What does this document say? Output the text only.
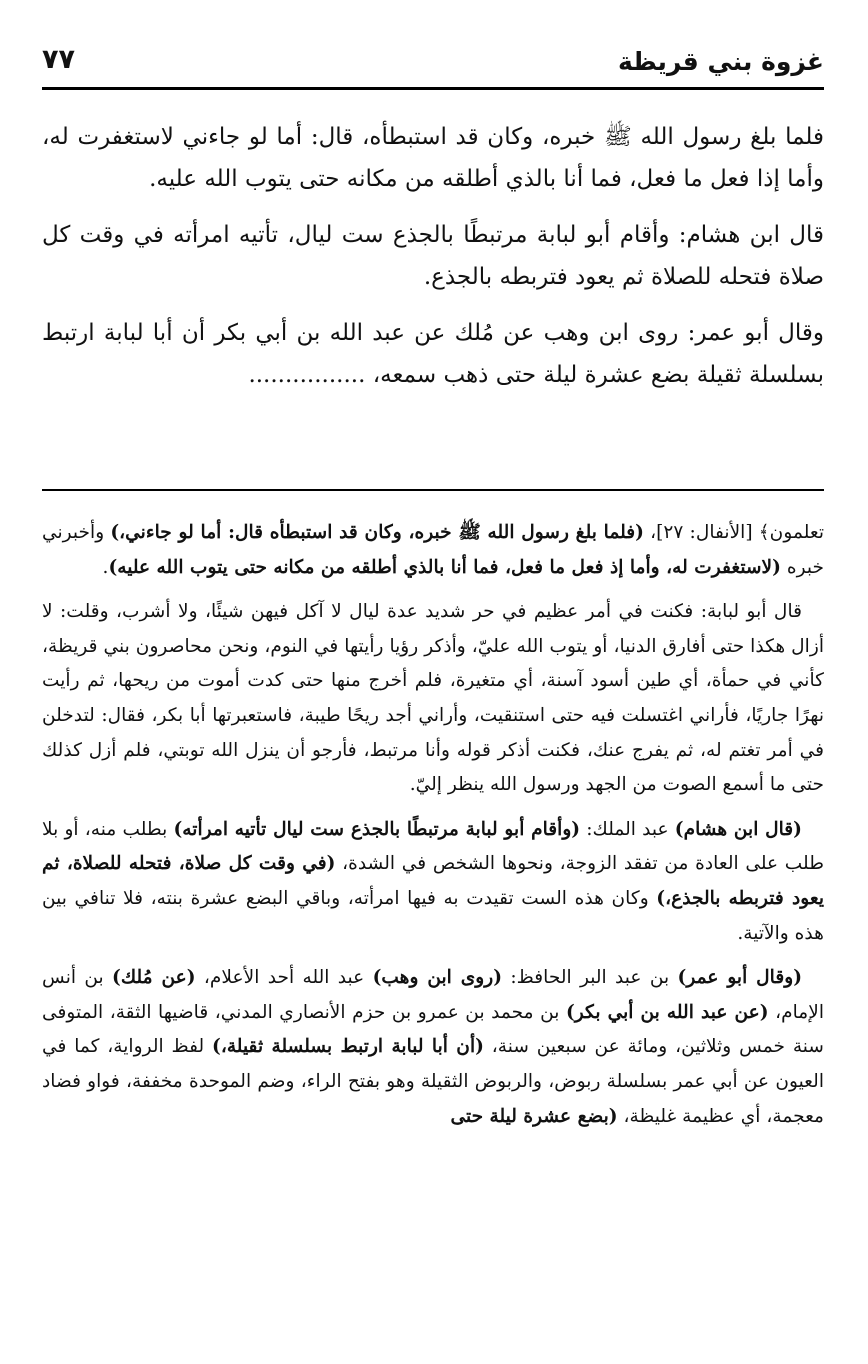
غزوة بني قريظة
٧٧

فلما بلغ رسول الله ﷺ خبره، وكان قد استبطأه، قال: أما لو جاءني لاستغفرت له، وأما إذا فعل ما فعل، فما أنا بالذي أطلقه من مكانه حتى يتوب الله عليه.

قال ابن هشام: وأقام أبو لبابة مرتبطًا بالجذع ست ليال، تأتيه امرأته في وقت كل صلاة فتحله للصلاة ثم يعود فتربطه بالجذع.

وقال أبو عمر: روى ابن وهب عن مُلك عن عبد الله بن أبي بكر أن أبا لبابة ارتبط بسلسلة ثقيلة بضع عشرة ليلة حتى ذهب سمعه، ................

تعلمون﴾ [الأنفال: ٢٧]، (فلما بلغ رسول الله ﷺ خبره، وكان قد استبطأه قال: أما لو جاءني،) وأخبرني خبره (لاستغفرت له، وأما إذ فعل ما فعل، فما أنا بالذي أطلقه من مكانه حتى يتوب الله عليه).

قال أبو لبابة: فكنت في أمر عظيم في حر شديد عدة ليال لا آكل فيهن شيئًا، ولا أشرب، وقلت: لا أزال هكذا حتى أفارق الدنيا، أو يتوب الله عليّ، وأذكر رؤيا رأيتها في النوم، ونحن محاصرون بني قريظة، كأني في حمأة، أي طين أسود آسنة، أي متغيرة، فلم أخرج منها حتى كدت أموت من ريحها، ثم رأيت نهرًا جاريًا، فأراني اغتسلت فيه حتى استنقيت، وأراني أجد ريحًا طيبة، فاستعبرتها أبا بكر، فقال: لتدخلن في أمر تغتم له، ثم يفرج عنك، فكنت أذكر قوله وأنا مرتبط، فأرجو أن ينزل الله توبتي، فلم أزل كذلك حتى ما أسمع الصوت من الجهد ورسول الله ينظر إليّ.

(قال ابن هشام) عبد الملك: (وأقام أبو لبابة مرتبطًا بالجذع ست ليال تأتيه امرأته) بطلب منه، أو بلا طلب على العادة من تفقد الزوجة، ونحوها الشخص في الشدة، (في وقت كل صلاة، فتحله للصلاة، ثم يعود فتربطه بالجذع،) وكان هذه الست تقيدت به فيها امرأته، وباقي البضع عشرة بنته، فلا تنافي بين هذه والآتية.

(وقال أبو عمر) بن عبد البر الحافظ: (روى ابن وهب) عبد الله أحد الأعلام، (عن مُلك) بن أنس الإمام، (عن عبد الله بن أبي بكر) بن محمد بن عمرو بن حزم الأنصاري المدني، قاضيها الثقة، المتوفى سنة خمس وثلاثين، ومائة عن سبعين سنة، (أن أبا لبابة ارتبط بسلسلة ثقيلة،) لفظ الرواية، كما في العيون عن أبي عمر بسلسلة ربوض، والربوض الثقيلة وهو بفتح الراء، وضم الموحدة مخففة، فواو فضاد معجمة، أي عظيمة غليظة، (بضع عشرة ليلة حتى
